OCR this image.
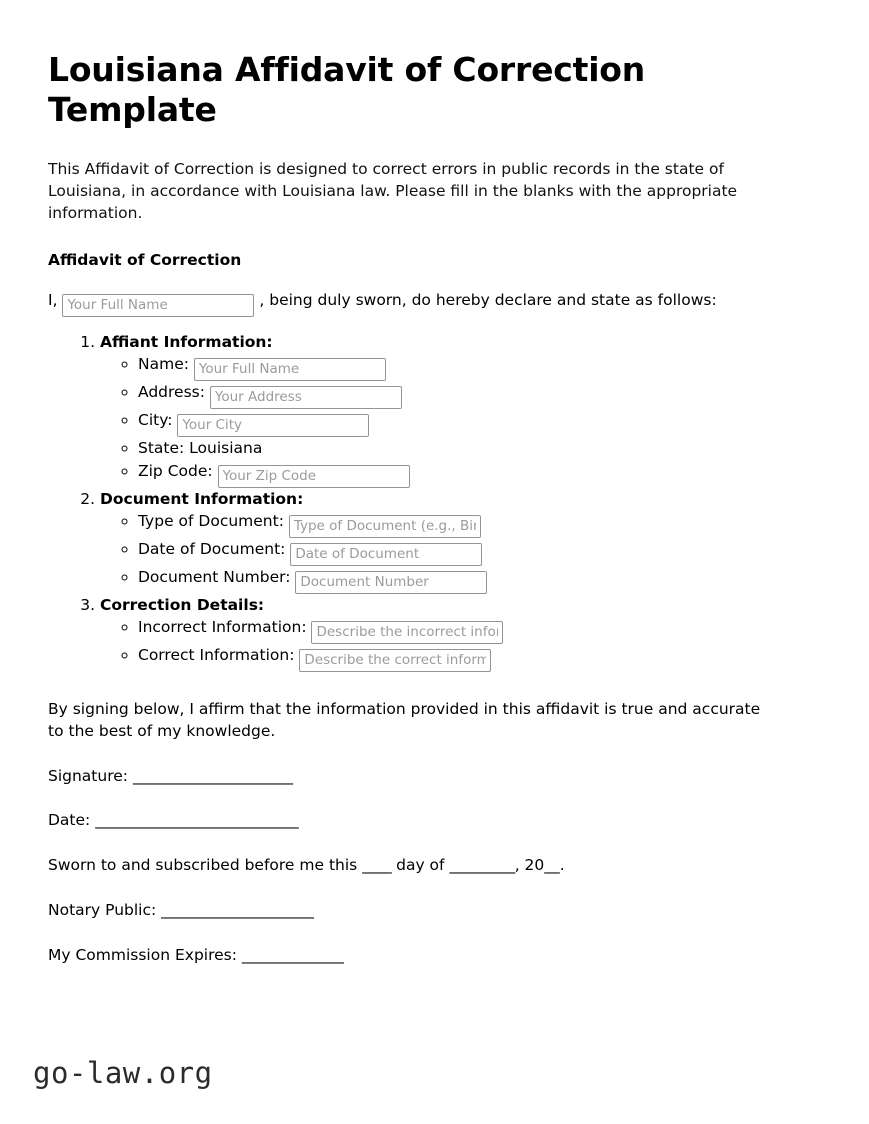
Louisiana Affidavit of Correction Template

This Affidavit of Correction is designed to correct errors in public records in the state of Louisiana, in accordance with Louisiana law. Please fill in the blanks with the appropriate information.

Affidavit of Correction

I, Your Full Name	, being duly sworn, do hereby declare and state as follows:

1. Affiant Information:
◦ Name: Your Full Name
◦ Address: Your Address
◦ City: Your City
◦ State: Louisiana
◦ Zip Code: Your Zip Code
2. Document Information:
◦ Type of Document: Type of Document (e.g., Birth Certificate)
◦ Date of Document: Date of Document
◦ Document Number: Document Number
3. Correction Details:
◦ Incorrect Information: Describe the incorrect information
◦ Correct Information: Describe the correct information

By signing below, I affirm that the information provided in this affidavit is true and accurate to the best of my knowledge.

Signature: ______________________

Date: ____________________________

Sworn to and subscribed before me this ____ day of _________, 20__.

Notary Public: _____________________

My Commission Expires: ______________

go-law.org
